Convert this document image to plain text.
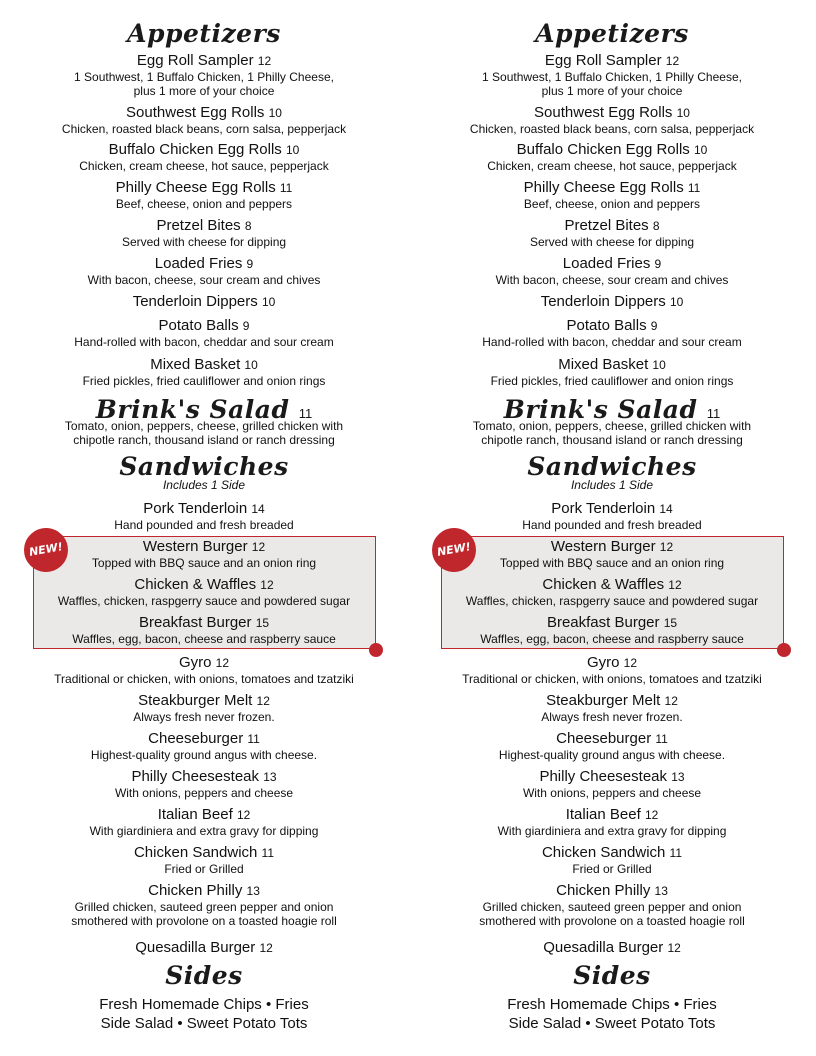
Appetizers
Egg Roll Sampler 12
1 Southwest, 1 Buffalo Chicken, 1 Philly Cheese,
plus 1 more of your choice
Southwest Egg Rolls 10
Chicken, roasted black beans, corn salsa, pepperjack
Buffalo Chicken Egg Rolls 10
Chicken, cream cheese, hot sauce, pepperjack
Philly Cheese Egg Rolls 11
Beef, cheese, onion and peppers
Pretzel Bites 8
Served with cheese for dipping
Loaded Fries 9
With bacon, cheese, sour cream and chives
Tenderloin Dippers 10
Potato Balls 9
Hand-rolled with bacon, cheddar and sour cream
Mixed Basket 10
Fried pickles, fried cauliflower and onion rings
Brink's Salad 11
Tomato, onion, peppers, cheese, grilled chicken with
chipotle ranch, thousand island or ranch dressing
Sandwiches
Includes 1 Side
Pork Tenderloin 14
Hand pounded and fresh breaded
Western Burger 12
Topped with BBQ sauce and an onion ring
Chicken & Waffles 12
Waffles, chicken, raspgerry sauce and powdered sugar
Breakfast Burger 15
Waffles, egg, bacon, cheese and raspberry sauce
NEW!
Gyro 12
Traditional or chicken, with onions, tomatoes and tzatziki
Steakburger Melt 12
Always fresh never frozen.
Cheeseburger 11
Highest-quality ground angus with cheese.
Philly Cheesesteak 13
With onions, peppers and cheese
Italian Beef 12
With giardiniera and extra gravy for dipping
Chicken Sandwich 11
Fried or Grilled
Chicken Philly 13
Grilled chicken, sauteed green pepper and onion
smothered with provolone on a toasted hoagie roll
Quesadilla Burger 12
Sides
Fresh Homemade Chips • Fries
Side Salad • Sweet Potato Tots
Appetizers
Egg Roll Sampler 12
1 Southwest, 1 Buffalo Chicken, 1 Philly Cheese,
plus 1 more of your choice
Southwest Egg Rolls 10
Chicken, roasted black beans, corn salsa, pepperjack
Buffalo Chicken Egg Rolls 10
Chicken, cream cheese, hot sauce, pepperjack
Philly Cheese Egg Rolls 11
Beef, cheese, onion and peppers
Pretzel Bites 8
Served with cheese for dipping
Loaded Fries 9
With bacon, cheese, sour cream and chives
Tenderloin Dippers 10
Potato Balls 9
Hand-rolled with bacon, cheddar and sour cream
Mixed Basket 10
Fried pickles, fried cauliflower and onion rings
Brink's Salad 11
Tomato, onion, peppers, cheese, grilled chicken with
chipotle ranch, thousand island or ranch dressing
Sandwiches
Includes 1 Side
Pork Tenderloin 14
Hand pounded and fresh breaded
Western Burger 12
Topped with BBQ sauce and an onion ring
Chicken & Waffles 12
Waffles, chicken, raspgerry sauce and powdered sugar
Breakfast Burger 15
Waffles, egg, bacon, cheese and raspberry sauce
NEW!
Gyro 12
Traditional or chicken, with onions, tomatoes and tzatziki
Steakburger Melt 12
Always fresh never frozen.
Cheeseburger 11
Highest-quality ground angus with cheese.
Philly Cheesesteak 13
With onions, peppers and cheese
Italian Beef 12
With giardiniera and extra gravy for dipping
Chicken Sandwich 11
Fried or Grilled
Chicken Philly 13
Grilled chicken, sauteed green pepper and onion
smothered with provolone on a toasted hoagie roll
Quesadilla Burger 12
Sides
Fresh Homemade Chips • Fries
Side Salad • Sweet Potato Tots
